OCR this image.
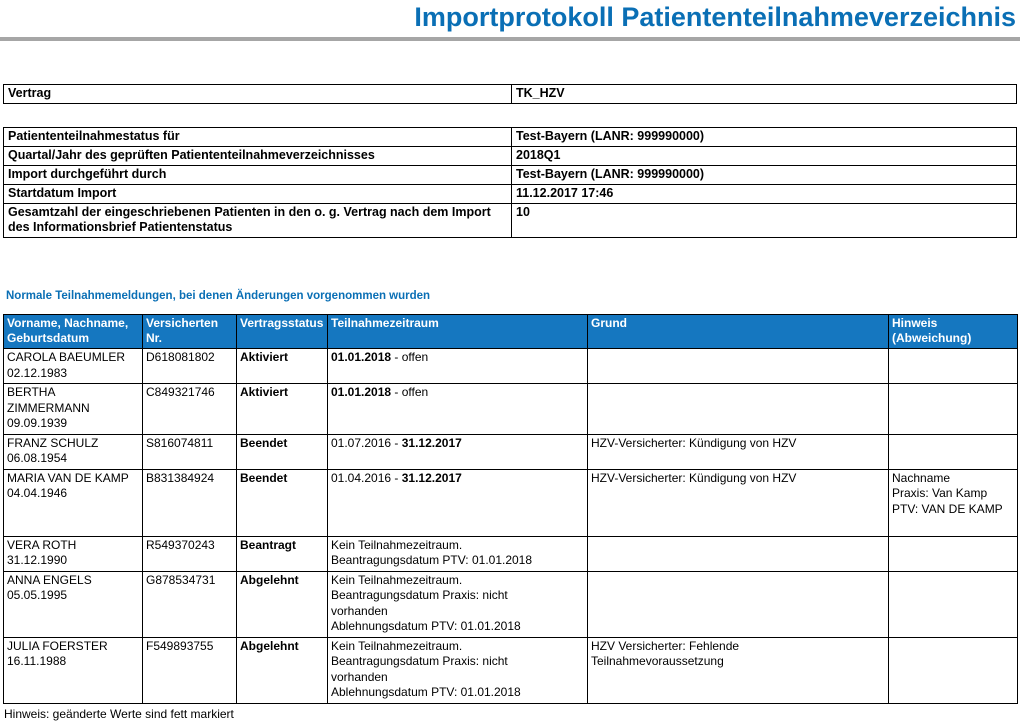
Importprotokoll Patiententeilnahmeverzeichnis
Vertrag	TK_HZV
Patiententeilnahmestatus für	Test-Bayern (LANR: 999990000)
Quartal/Jahr des geprüften Patiententeilnahmeverzeichnisses	2018Q1
Import durchgeführt durch	Test-Bayern (LANR: 999990000)
Startdatum Import	11.12.2017 17:46
Gesamtzahl der eingeschriebenen Patienten in den o. g. Vertrag nach dem Import des Informationsbrief Patientenstatus	10
Normale Teilnahmemeldungen, bei denen Änderungen vorgenommen wurden
Vorname, Nachname, Geburtsdatum	Versicherten Nr.	Vertragsstatus	Teilnahmezeitraum	Grund	Hinweis (Abweichung)

CAROLA BAEUMLER
02.12.1983	D618081802	Aktiviert	01.01.2018 - offen		

BERTHA ZIMMERMANN
09.09.1939	C849321746	Aktiviert	01.01.2018 - offen		

FRANZ SCHULZ
06.08.1954	S816074811	Beendet	01.07.2016 - 31.12.2017	HZV-Versicherter: Kündigung von HZV	

MARIA VAN DE KAMP
04.04.1946	B831384924	Beendet	01.04.2016 - 31.12.2017	HZV-Versicherter: Kündigung von HZV	Nachname
Praxis: Van Kamp
PTV: VAN DE KAMP

VERA ROTH
31.12.1990	R549370243	Beantragt	Kein Teilnahmezeitraum.
Beantragungsdatum PTV: 01.01.2018		

ANNA ENGELS
05.05.1995	G878534731	Abgelehnt	Kein Teilnahmezeitraum.
Beantragungsdatum Praxis: nicht vorhanden
Ablehnungsdatum PTV: 01.01.2018		

JULIA FOERSTER
16.11.1988	F549893755	Abgelehnt	Kein Teilnahmezeitraum.
Beantragungsdatum Praxis: nicht vorhanden
Ablehnungsdatum PTV: 01.01.2018	HZV Versicherter: Fehlende Teilnahmevoraussetzung	

Hinweis: geänderte Werte sind fett markiert
